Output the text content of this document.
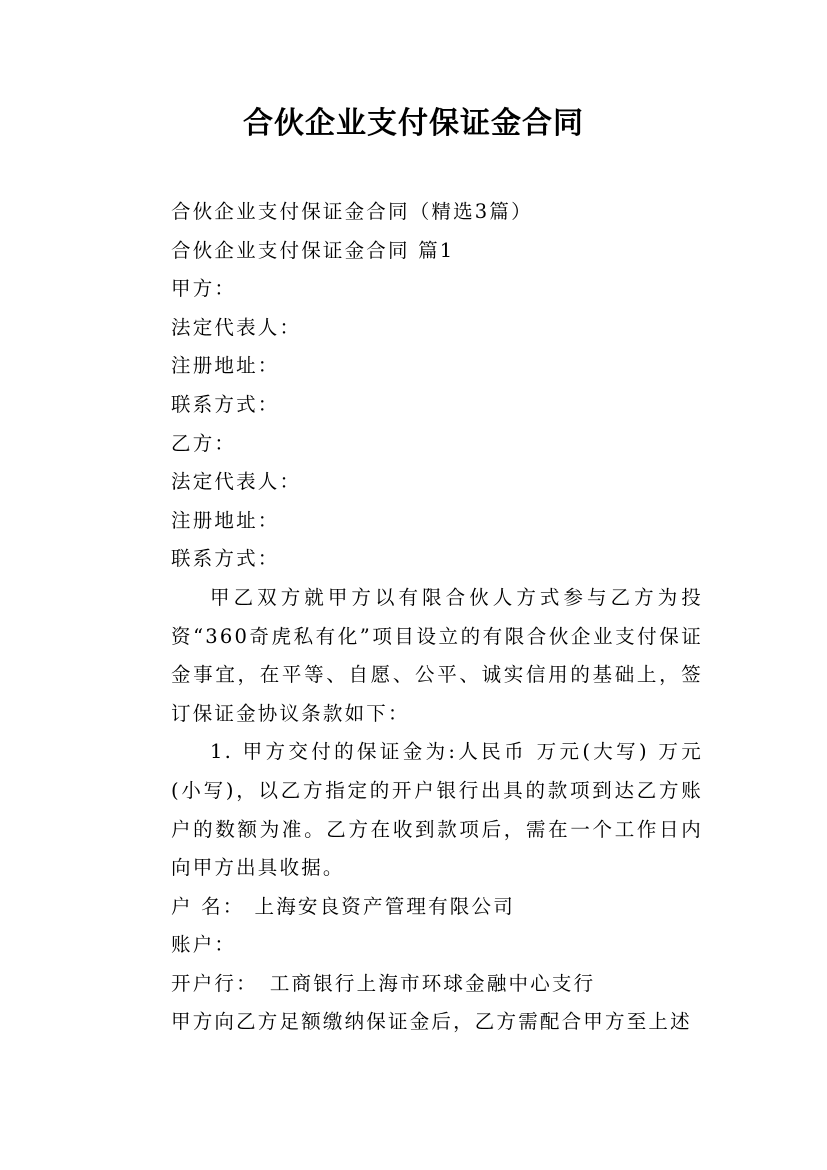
合伙企业支付保证金合同
合伙企业支付保证金合同（精选3篇）
合伙企业支付保证金合同 篇1
甲方：
法定代表人：
注册地址：
联系方式：
乙方：
法定代表人：
注册地址：
联系方式：
甲乙双方就甲方以有限合伙人方式参与乙方为投资“360奇虎私有化”项目设立的有限合伙企业支付保证金事宜，在平等、自愿、公平、诚实信用的基础上，签订保证金协议条款如下：
1. 甲方交付的保证金为:人民币 万元(大写) 万元(小写)，以乙方指定的开户银行出具的款项到达乙方账户的数额为准。乙方在收到款项后，需在一个工作日内向甲方出具收据。
户 名： 上海安良资产管理有限公司
账户：
开户行： 工商银行上海市环球金融中心支行
甲方向乙方足额缴纳保证金后，乙方需配合甲方至上述
